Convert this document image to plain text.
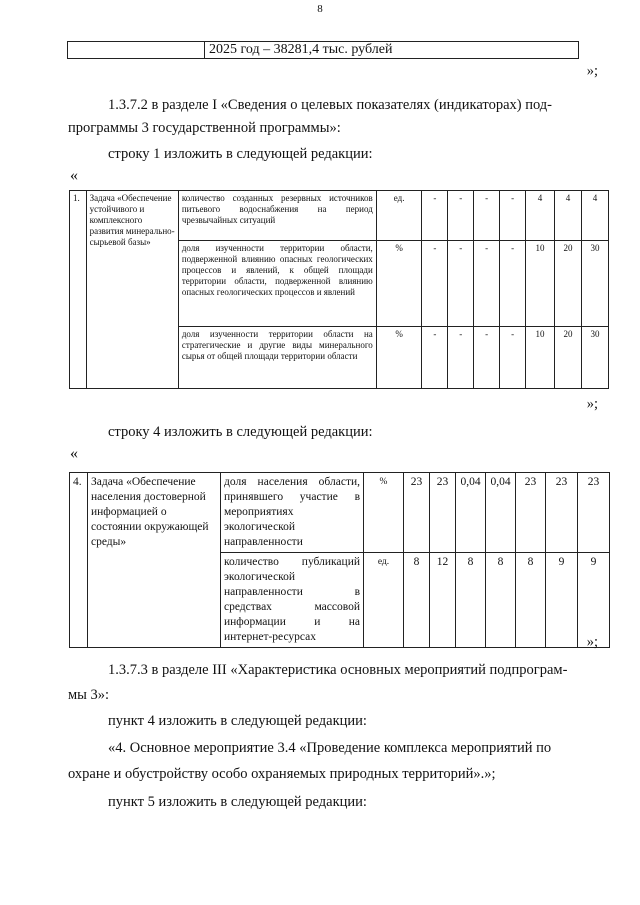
8
	2025 год – 38281,4 тыс. рублей
»;
1.3.7.2 в разделе I «Сведения о целевых показателях (индикаторах) под-
программы 3 государственной программы»:
строку 1 изложить в следующей редакции:
«
1.	Задача «Обеспечение устойчивого и комплексного развития минерально-сырьевой базы»	количество созданных резервных источников питьевого водоснабжения на период чрезвычайных ситуаций	ед.	-	-	-	-	4	4	4
		доля изученности территории области, подверженной влиянию опасных геологических процессов и явлений, к общей площади территории области, подверженной влиянию опасных геологических процессов и явлений	%	-	-	-	-	10	20	30
		доля изученности территории области на стратегические и другие виды минерального сырья от общей площади территории области	%	-	-	-	-	10	20	30
»;
строку 4 изложить в следующей редакции:
«
4.	Задача «Обеспечение населения достоверной информацией о состоянии окружающей среды»	доля населения области, принявшего участие в мероприятиях экологической направленности	%	23	23	0,04	0,04	23	23	23
		количество публикаций экологической направленности в средствах массовой информации и на интернет-ресурсах	ед.	8	12	8	8	8	9	9
»;
1.3.7.3 в разделе III «Характеристика основных мероприятий подпрограм-
мы 3»:
пункт 4 изложить в следующей редакции:
«4. Основное мероприятие 3.4 «Проведение комплекса мероприятий по
охране и обустройству особо охраняемых природных территорий».»;
пункт 5 изложить в следующей редакции:
